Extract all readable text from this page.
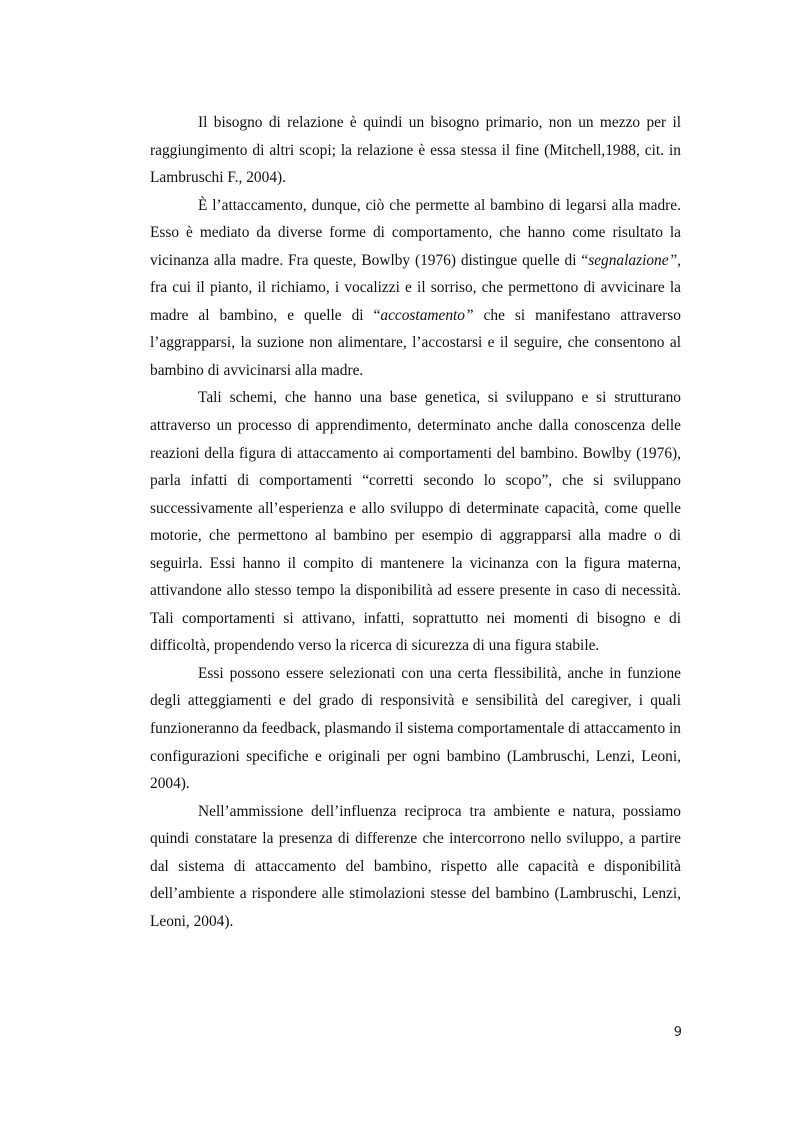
Il bisogno di relazione è quindi un bisogno primario, non un mezzo per il raggiungimento di altri scopi; la relazione è essa stessa il fine (Mitchell,1988, cit. in Lambruschi F., 2004).

È l’attaccamento, dunque, ciò che permette al bambino di legarsi alla madre. Esso è mediato da diverse forme di comportamento, che hanno come risultato la vicinanza alla madre. Fra queste, Bowlby (1976) distingue quelle di “segnalazione”, fra cui il pianto, il richiamo, i vocalizzi e il sorriso, che permettono di avvicinare la madre al bambino, e quelle di “accostamento” che si manifestano attraverso l’aggrapparsi, la suzione non alimentare, l’accostarsi e il seguire, che consentono al bambino di avvicinarsi alla madre.

Tali schemi, che hanno una base genetica, si sviluppano e si strutturano attraverso un processo di apprendimento, determinato anche dalla conoscenza delle reazioni della figura di attaccamento ai comportamenti del bambino. Bowlby (1976), parla infatti di comportamenti “corretti secondo lo scopo”, che si sviluppano successivamente all’esperienza e allo sviluppo di determinate capacità, come quelle motorie, che permettono al bambino per esempio di aggrapparsi alla madre o di seguirla. Essi hanno il compito di mantenere la vicinanza con la figura materna, attivandone allo stesso tempo la disponibilità ad essere presente in caso di necessità. Tali comportamenti si attivano, infatti, soprattutto nei momenti di bisogno e di difficoltà, propendendo verso la ricerca di sicurezza di una figura stabile.

Essi possono essere selezionati con una certa flessibilità, anche in funzione degli atteggiamenti e del grado di responsività e sensibilità del caregiver, i quali funzioneranno da feedback, plasmando il sistema comportamentale di attaccamento in configurazioni specifiche e originali per ogni bambino (Lambruschi, Lenzi, Leoni, 2004).

Nell’ammissione dell’influenza reciproca tra ambiente e natura, possiamo quindi constatare la presenza di differenze che intercorrono nello sviluppo, a partire dal sistema di attaccamento del bambino, rispetto alle capacità e disponibilità dell’ambiente a rispondere alle stimolazioni stesse del bambino (Lambruschi, Lenzi, Leoni, 2004).

9
